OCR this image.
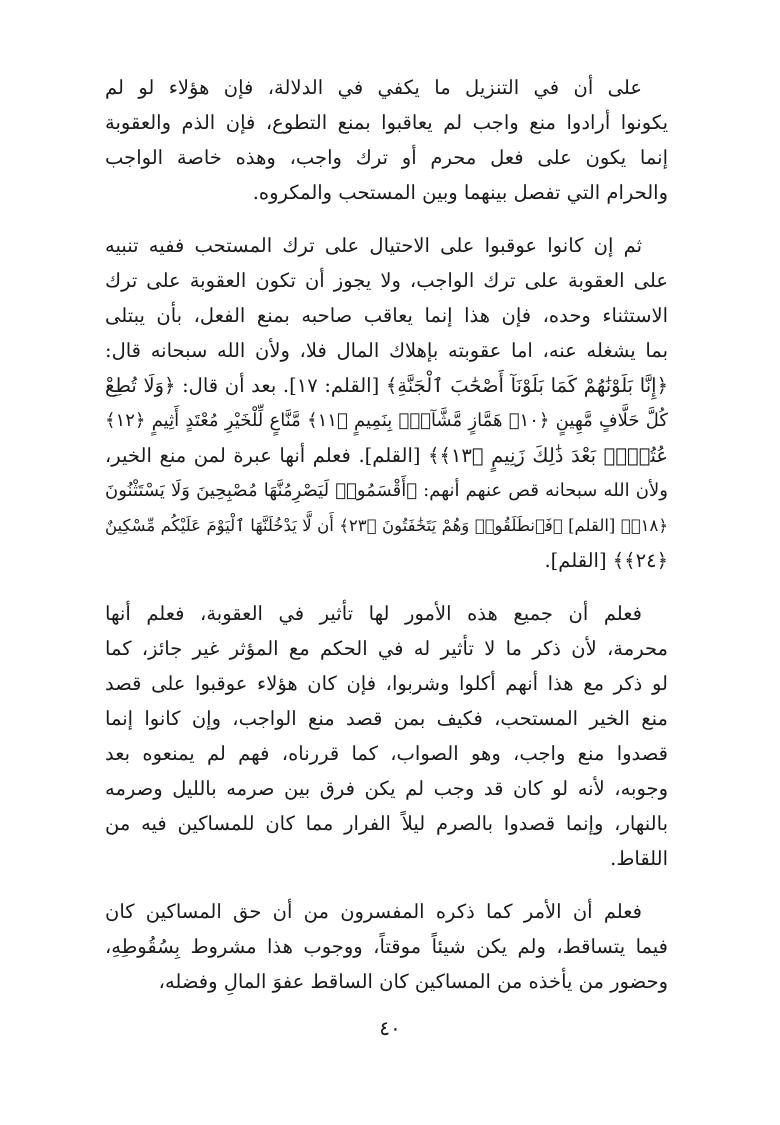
على أن في التنزيل ما يكفي في الدلالة، فإن هؤلاء لو لم
يكونوا أرادوا منع واجب لم يعاقبوا بمنع التطوع، فإن الذم والعقوبة
إنما يكون على فعل محرم أو ترك واجب، وهذه خاصة الواجب
والحرام التي تفصل بينهما وبين المستحب والمكروه.
ثم إن كانوا عوقبوا على الاحتيال على ترك المستحب ففيه تنبيه
على العقوبة على ترك الواجب، ولا يجوز أن تكون العقوبة على ترك
الاستثناء وحده، فإن هذا إنما يعاقب صاحبه بمنع الفعل، بأن يبتلى
بما يشغله عنه، اما عقوبته بإهلاك المال فلا، ولأن الله سبحانه قال:
﴿إِنَّا بَلَوْنَٰهُمْ كَمَا بَلَوْنَآ أَصْحَٰبَ ٱلْجَنَّةِ﴾ [القلم: ١٧]. بعد أن قال: ﴿وَلَا تُطِعْ
كُلَّ حَلَّافٍ مَّهِينٍ ﴿١٠﴾ هَمَّازٍ مَّشَّآءٍۭ بِنَمِيمٍ ﴿١١﴾ مَّنَّاعٍ لِّلْخَيْرِ مُعْتَدٍ أَثِيمٍ ﴿١٢﴾
عُتُلٍّۭ بَعْدَ ذَٰلِكَ زَنِيمٍ ﴿١٣﴾﴾ [القلم]. فعلم أنها عبرة لمن منع الخير،
ولأن الله سبحانه قص عنهم أنهم: ﴿أَقْسَمُوا۟ لَيَصْرِمُنَّهَا مُصْبِحِينَ وَلَا يَسْتَثْنُونَ
﴿١٨﴾﴾ [القلم] ﴿فَٱنطَلَقُوا۟ وَهُمْ يَتَخَٰفَتُونَ ﴿٢٣﴾ أَن لَّا يَدْخُلَنَّهَا ٱلْيَوْمَ عَلَيْكُم مِّسْكِينٌ
﴿٢٤﴾﴾ [القلم].
فعلم أن جميع هذه الأمور لها تأثير في العقوبة، فعلم أنها
محرمة، لأن ذكر ما لا تأثير له في الحكم مع المؤثر غير جائز، كما
لو ذكر مع هذا أنهم أكلوا وشربوا، فإن كان هؤلاء عوقبوا على قصد
منع الخير المستحب، فكيف بمن قصد منع الواجب، وإن كانوا إنما
قصدوا منع واجب، وهو الصواب، كما قررناه، فهم لم يمنعوه بعد
وجوبه، لأنه لو كان قد وجب لم يكن فرق بين صرمه بالليل وصرمه
بالنهار، وإنما قصدوا بالصرم ليلاً الفرار مما كان للمساكين فيه من
اللقاط.
فعلم أن الأمر كما ذكره المفسرون من أن حق المساكين كان
فيما يتساقط، ولم يكن شيئاً موقتاً، ووجوب هذا مشروط بِسُقُوطِهِ،
وحضور من يأخذه من المساكين كان الساقط عفوَ المالِ وفضله،
٤٠
